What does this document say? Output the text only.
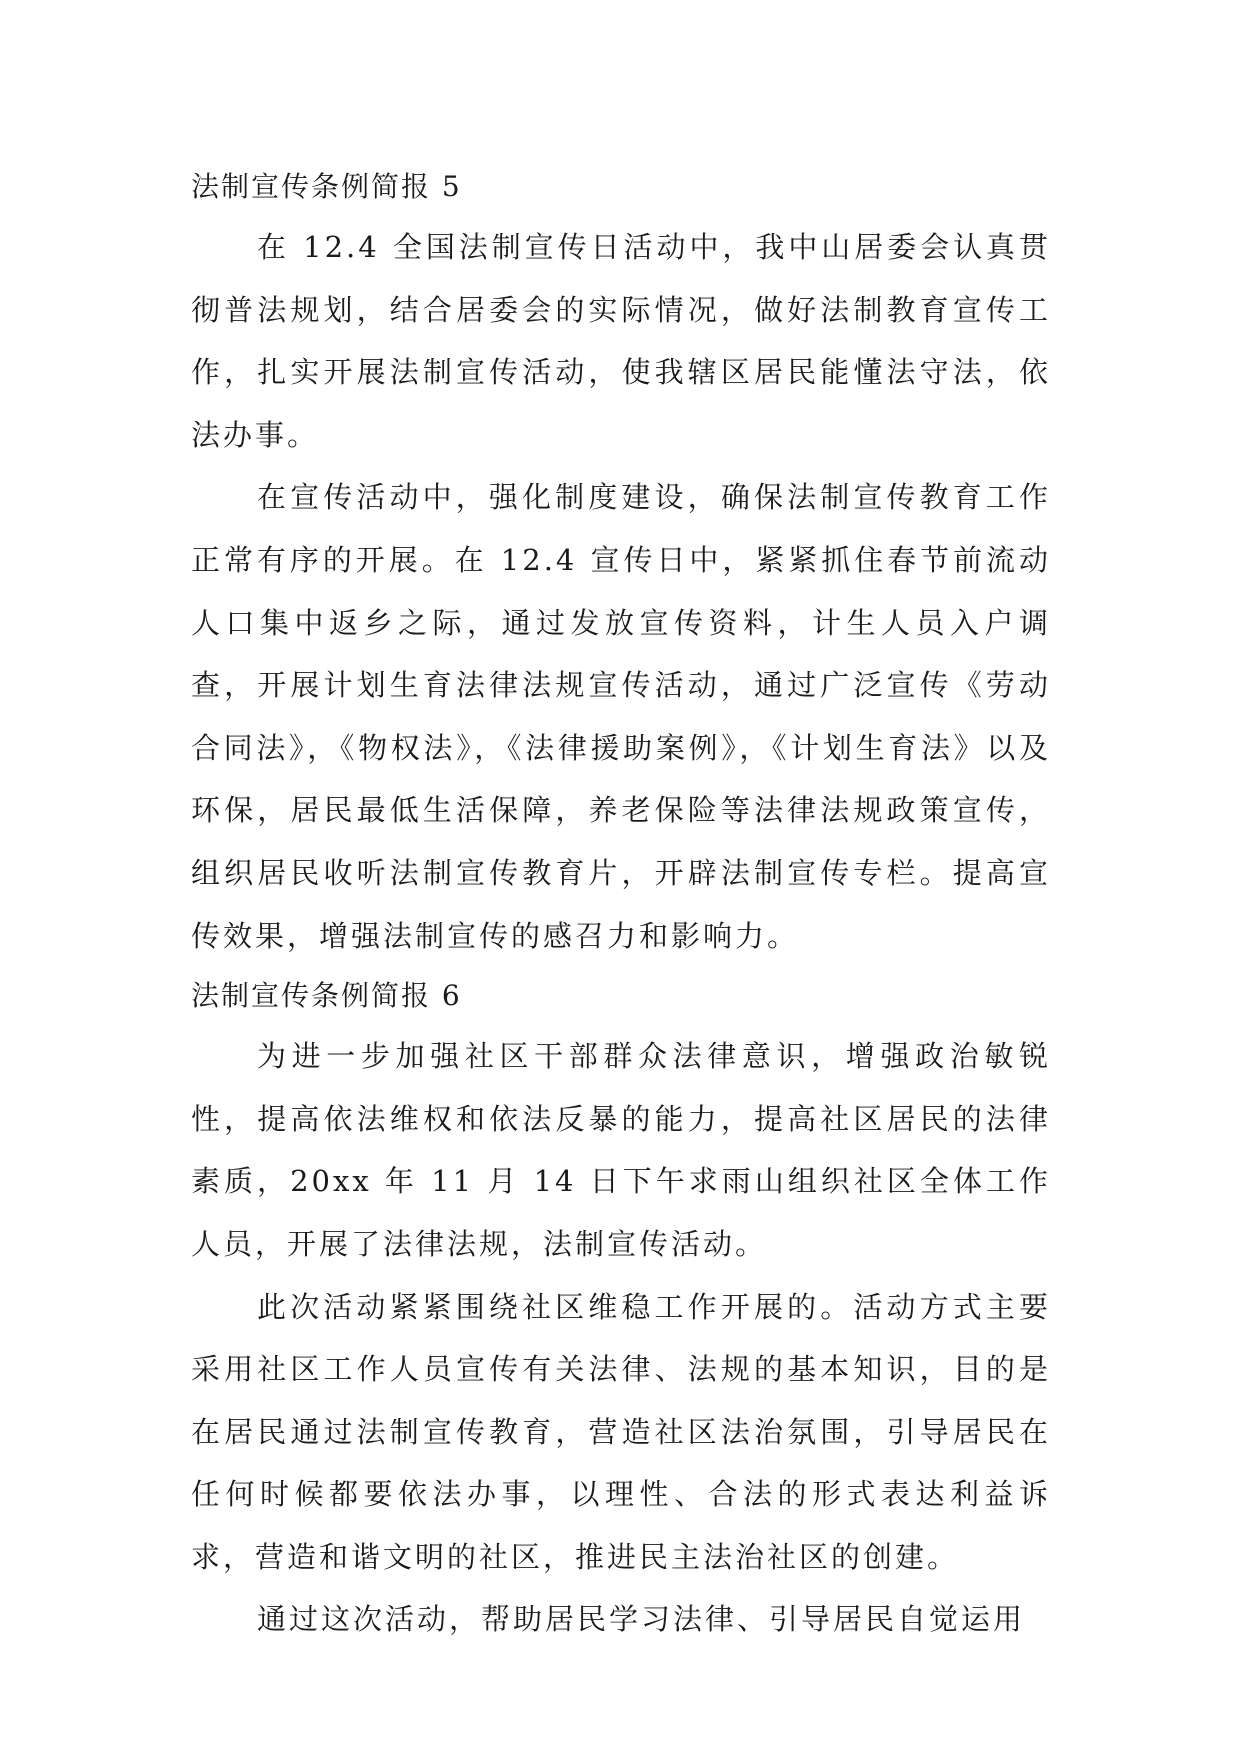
法制宣传条例简报 5

在 12.4 全国法制宣传日活动中，我中山居委会认真贯彻普法规划，结合居委会的实际情况，做好法制教育宣传工作，扎实开展法制宣传活动，使我辖区居民能懂法守法，依法办事。

在宣传活动中，强化制度建设，确保法制宣传教育工作正常有序的开展。在 12.4 宣传日中，紧紧抓住春节前流动人口集中返乡之际，通过发放宣传资料，计生人员入户调查，开展计划生育法律法规宣传活动，通过广泛宣传《劳动合同法》，《物权法》，《法律援助案例》，《计划生育法》以及环保，居民最低生活保障，养老保险等法律法规政策宣传，组织居民收听法制宣传教育片，开辟法制宣传专栏。提高宣传效果，增强法制宣传的感召力和影响力。

法制宣传条例简报 6

为进一步加强社区干部群众法律意识，增强政治敏锐性，提高依法维权和依法反暴的能力，提高社区居民的法律素质，20xx 年 11 月 14 日下午求雨山组织社区全体工作人员，开展了法律法规，法制宣传活动。

此次活动紧紧围绕社区维稳工作开展的。活动方式主要采用社区工作人员宣传有关法律、法规的基本知识，目的是在居民通过法制宣传教育，营造社区法治氛围，引导居民在任何时候都要依法办事，以理性、合法的形式表达利益诉求，营造和谐文明的社区，推进民主法治社区的创建。

通过这次活动，帮助居民学习法律、引导居民自觉运用
